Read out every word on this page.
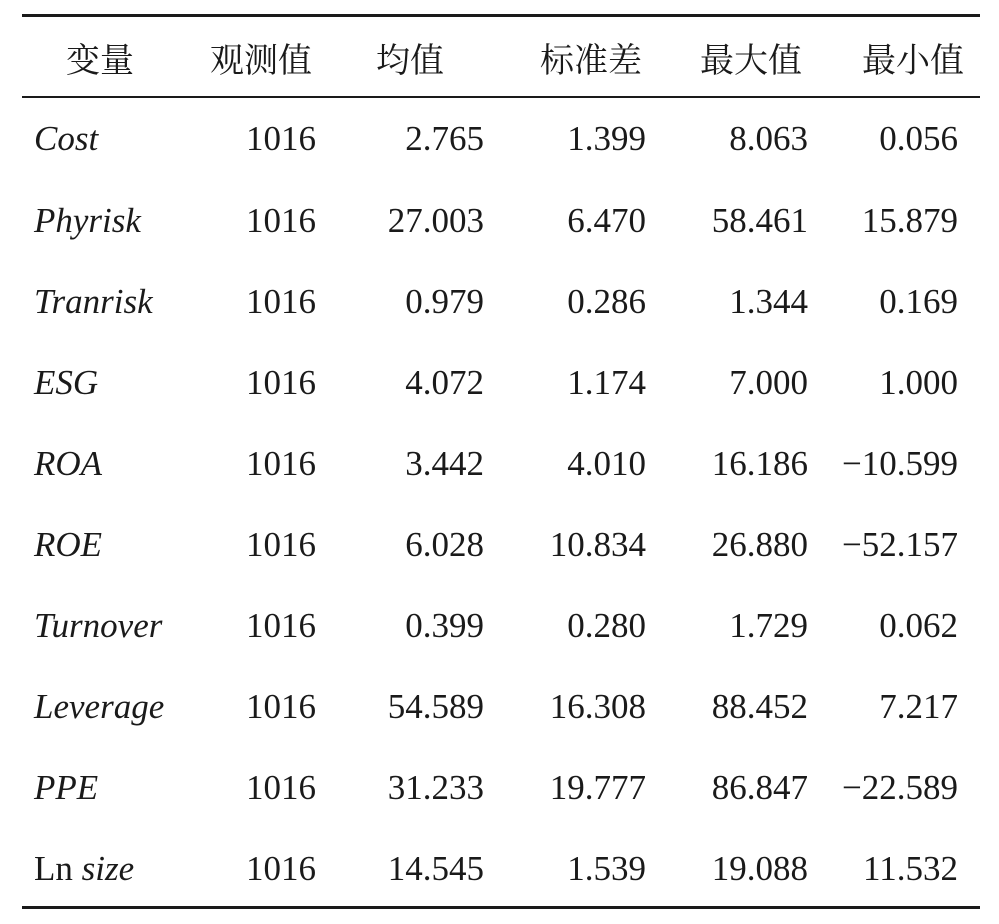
变量	观测值	均值	标准差	最大值	最小值
Cost	1016	2.765	1.399	8.063	0.056
Phyrisk	1016	27.003	6.470	58.461	15.879
Tranrisk	1016	0.979	0.286	1.344	0.169
ESG	1016	4.072	1.174	7.000	1.000
ROA	1016	3.442	4.010	16.186	−10.599
ROE	1016	6.028	10.834	26.880	−52.157
Turnover	1016	0.399	0.280	1.729	0.062
Leverage	1016	54.589	16.308	88.452	7.217
PPE	1016	31.233	19.777	86.847	−22.589
Ln size	1016	14.545	1.539	19.088	11.532
